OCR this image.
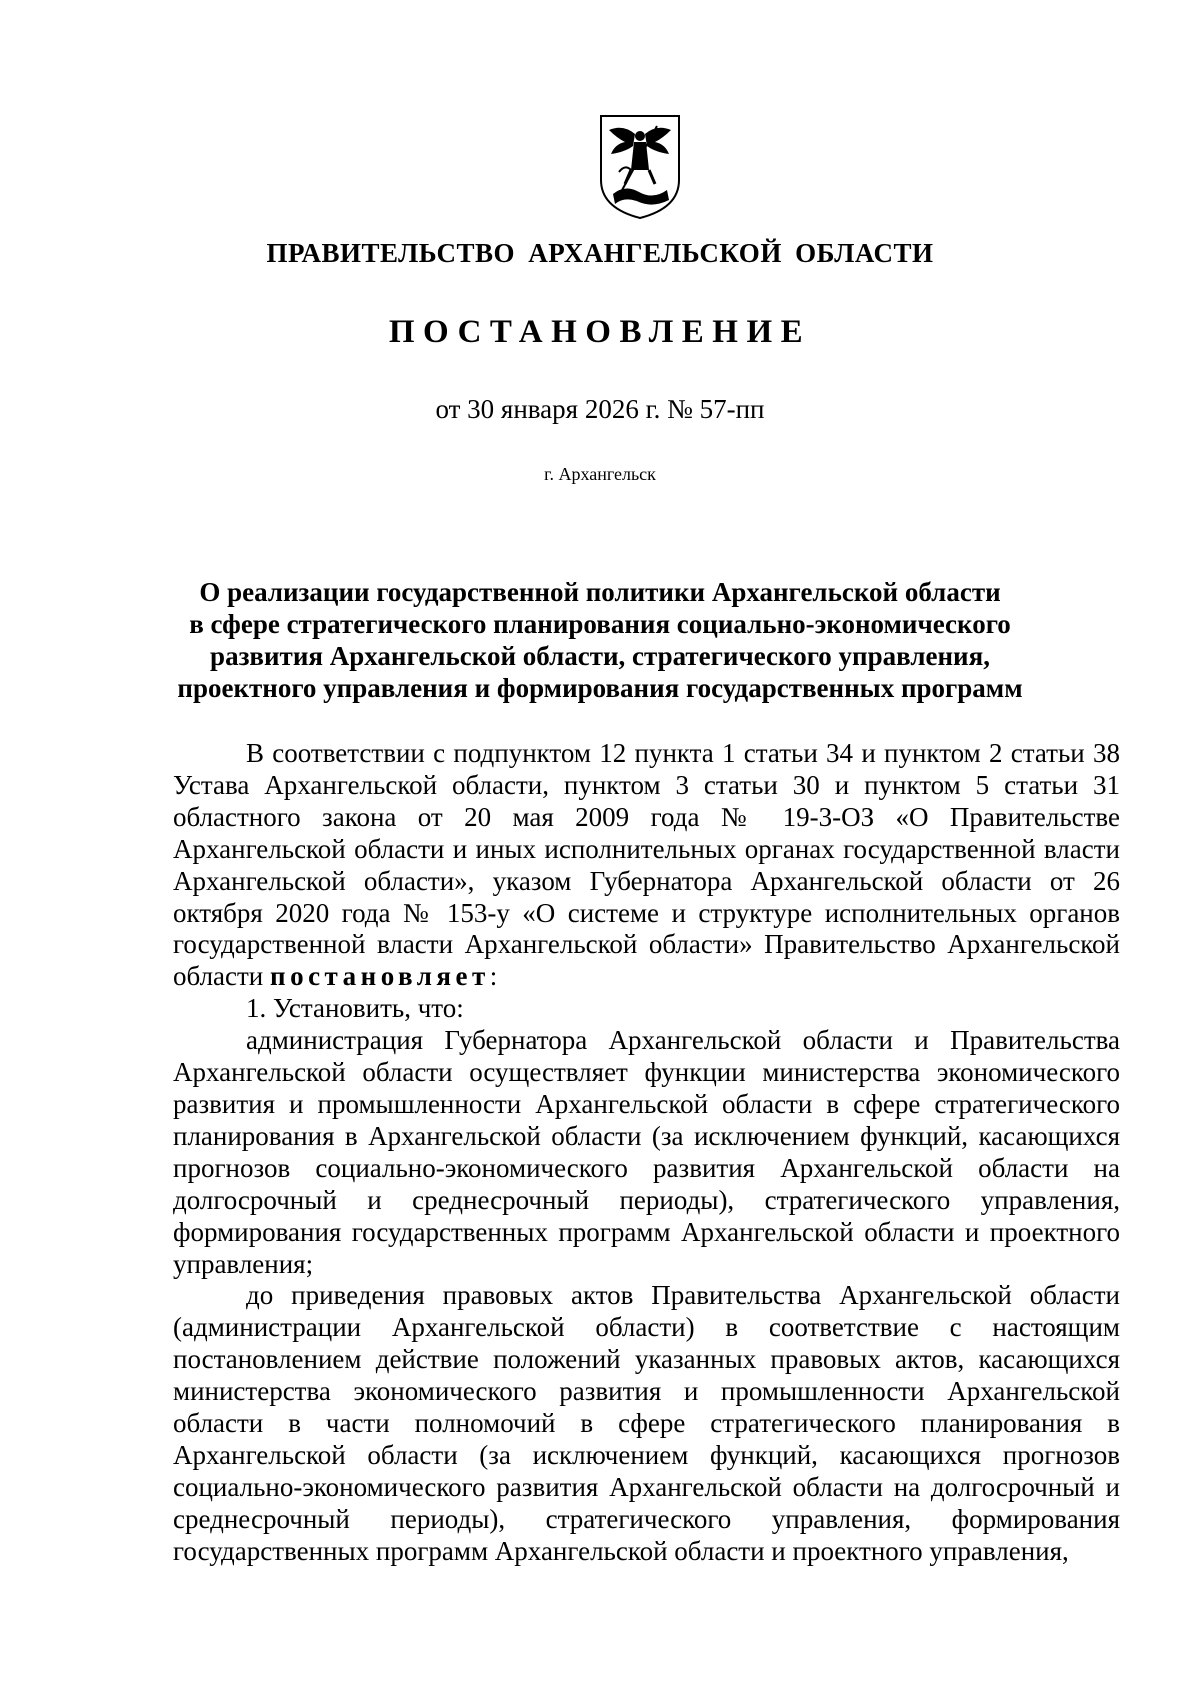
ПРАВИТЕЛЬСТВО АРХАНГЕЛЬСКОЙ ОБЛАСТИ
ПОСТАНОВЛЕНИЕ
от 30 января 2026 г. № 57-пп
г. Архангельск
О реализации государственной политики Архангельской области
в сфере стратегического планирования социально-экономического
развития Архангельской области, стратегического управления,
проектного управления и формирования государственных программ

В соответствии с подпунктом 12 пункта 1 статьи 34 и пунктом 2 статьи 38 Устава Архангельской области, пунктом 3 статьи 30 и пунктом 5 статьи 31 областного закона от 20 мая 2009 года № 19-3-ОЗ «О Правительстве Архангельской области и иных исполнительных органах государственной власти Архангельской области», указом Губернатора Архангельской области от 26 октября 2020 года № 153-у «О системе и структуре исполнительных органов государственной власти Архангельской области» Правительство Архангельской области постановляет:

1. Установить, что:

администрация Губернатора Архангельской области и Правительства Архангельской области осуществляет функции министерства экономического развития и промышленности Архангельской области в сфере стратегического планирования в Архангельской области (за исключением функций, касающихся прогнозов социально-экономического развития Архангельской области на долгосрочный и среднесрочный периоды), стратегического управления, формирования государственных программ Архангельской области и проектного управления;

до приведения правовых актов Правительства Архангельской области (администрации Архангельской области) в соответствие с настоящим постановлением действие положений указанных правовых актов, касающихся министерства экономического развития и промышленности Архангельской области в части полномочий в сфере стратегического планирования в Архангельской области (за исключением функций, касающихся прогнозов социально-экономического развития Архангельской области на долгосрочный и среднесрочный периоды), стратегического управления, формирования государственных программ Архангельской области и проектного управления,
